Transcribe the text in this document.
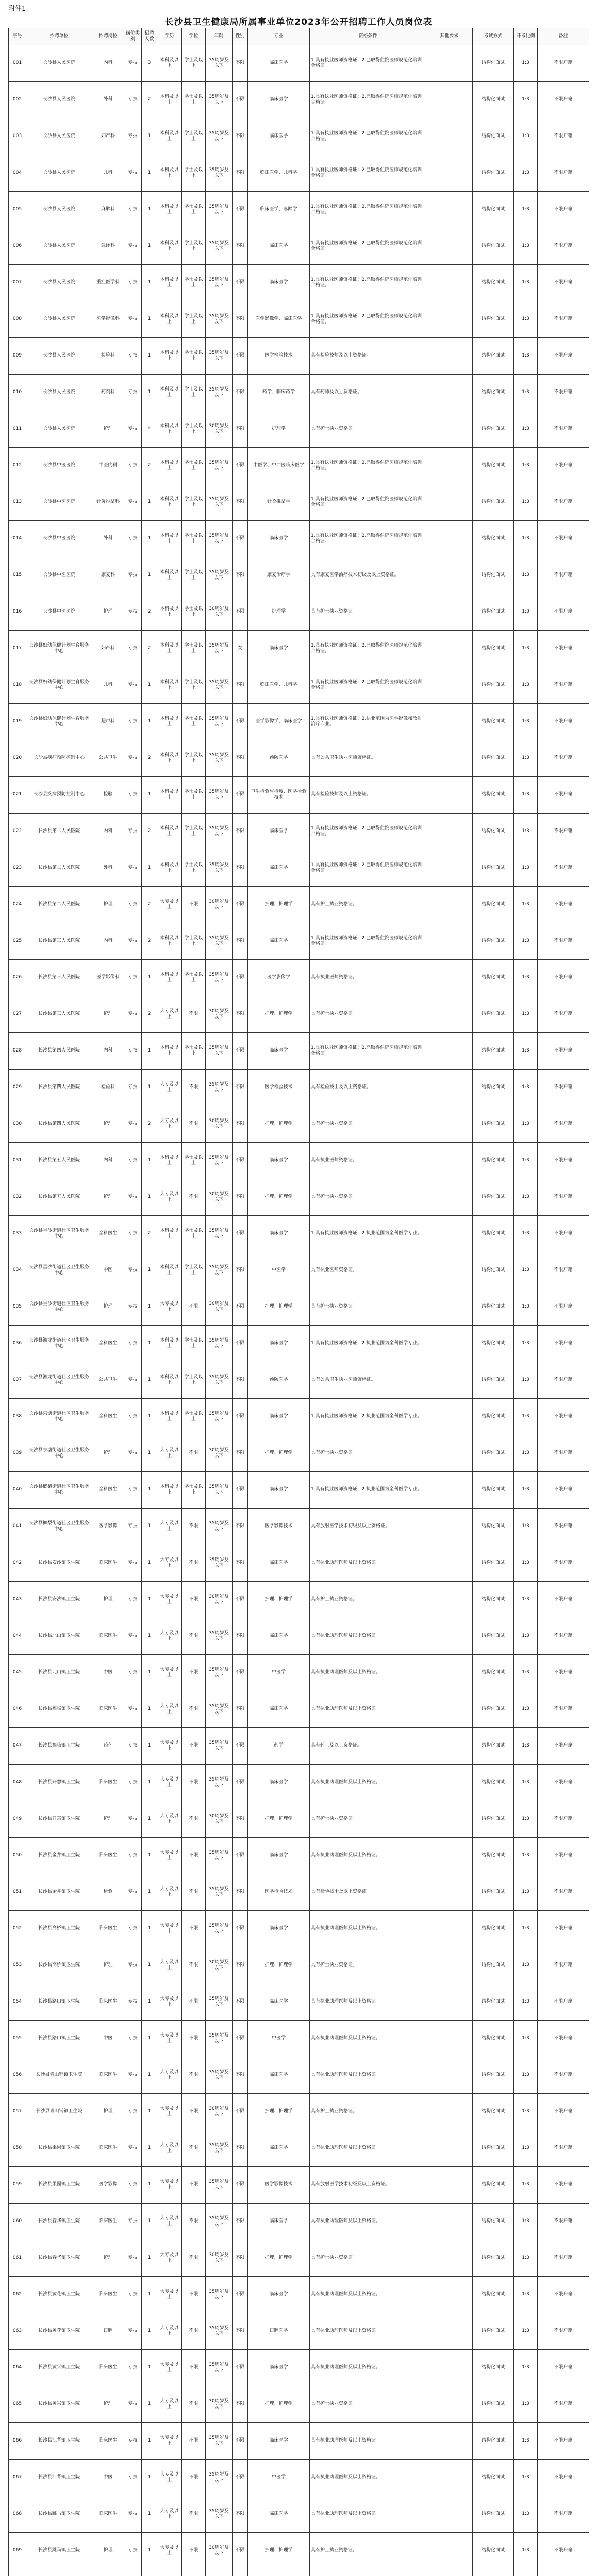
附件1
长沙县卫生健康局所属事业单位2023年公开招聘工作人员岗位表
序号	招聘单位	招聘岗位	岗位类别	招聘人数	学历	学位	年龄	性别	专业	资格条件	其他要求	考试方式	开考比例	备注
001	长沙县人民医院	内科	专技	3	本科及以上	学士及以上	35周岁及以下	不限	临床医学	1.具有执业医师资格证；2.已取得住院医师规范化培训合格证。		结构化面试	1:3	不限户籍
002	长沙县人民医院	外科	专技	2	本科及以上	学士及以上	35周岁及以下	不限	临床医学	1.具有执业医师资格证；2.已取得住院医师规范化培训合格证。		结构化面试	1:3	不限户籍
003	长沙县人民医院	妇产科	专技	1	本科及以上	学士及以上	35周岁及以下	不限	临床医学	1.具有执业医师资格证；2.已取得住院医师规范化培训合格证。		结构化面试	1:3	不限户籍
004	长沙县人民医院	儿科	专技	1	本科及以上	学士及以上	35周岁及以下	不限	临床医学、儿科学	1.具有执业医师资格证；2.已取得住院医师规范化培训合格证。		结构化面试	1:3	不限户籍
005	长沙县人民医院	麻醉科	专技	1	本科及以上	学士及以上	35周岁及以下	不限	临床医学、麻醉学	1.具有执业医师资格证；2.已取得住院医师规范化培训合格证。		结构化面试	1:3	不限户籍
006	长沙县人民医院	急诊科	专技	1	本科及以上	学士及以上	35周岁及以下	不限	临床医学	1.具有执业医师资格证；2.已取得住院医师规范化培训合格证。		结构化面试	1:3	不限户籍
007	长沙县人民医院	重症医学科	专技	1	本科及以上	学士及以上	35周岁及以下	不限	临床医学	1.具有执业医师资格证；2.已取得住院医师规范化培训合格证。		结构化面试	1:3	不限户籍
008	长沙县人民医院	医学影像科	专技	1	本科及以上	学士及以上	35周岁及以下	不限	医学影像学、临床医学	1.具有执业医师资格证；2.已取得住院医师规范化培训合格证。		结构化面试	1:3	不限户籍
009	长沙县人民医院	检验科	专技	1	本科及以上	学士及以上	35周岁及以下	不限	医学检验技术	具有检验技师及以上资格证。		结构化面试	1:3	不限户籍
010	长沙县人民医院	药剂科	专技	1	本科及以上	学士及以上	35周岁及以下	不限	药学、临床药学	具有药师及以上资格证。		结构化面试	1:3	不限户籍
011	长沙县人民医院	护理	专技	4	本科及以上	学士及以上	30周岁及以下	不限	护理学	具有护士执业资格证。		结构化面试	1:3	不限户籍
012	长沙县中医医院	中医内科	专技	2	本科及以上	学士及以上	35周岁及以下	不限	中医学、中西医临床医学	1.具有执业医师资格证；2.已取得住院医师规范化培训合格证。		结构化面试	1:3	不限户籍
013	长沙县中医医院	针灸推拿科	专技	1	本科及以上	学士及以上	35周岁及以下	不限	针灸推拿学	1.具有执业医师资格证；2.已取得住院医师规范化培训合格证。		结构化面试	1:3	不限户籍
014	长沙县中医医院	外科	专技	1	本科及以上	学士及以上	35周岁及以下	不限	临床医学	1.具有执业医师资格证；2.已取得住院医师规范化培训合格证。		结构化面试	1:3	不限户籍
015	长沙县中医医院	康复科	专技	1	本科及以上	学士及以上	35周岁及以下	不限	康复治疗学	具有康复医学治疗技术初级及以上资格证。		结构化面试	1:3	不限户籍
016	长沙县中医医院	护理	专技	2	本科及以上	学士及以上	30周岁及以下	不限	护理学	具有护士执业资格证。		结构化面试	1:3	不限户籍
017	长沙县妇幼保健计划生育服务中心	妇产科	专技	2	本科及以上	学士及以上	35周岁及以下	女	临床医学	1.具有执业医师资格证；2.已取得住院医师规范化培训合格证。		结构化面试	1:3	不限户籍
018	长沙县妇幼保健计划生育服务中心	儿科	专技	1	本科及以上	学士及以上	35周岁及以下	不限	临床医学、儿科学	1.具有执业医师资格证；2.已取得住院医师规范化培训合格证。		结构化面试	1:3	不限户籍
019	长沙县妇幼保健计划生育服务中心	超声科	专技	1	本科及以上	学士及以上	35周岁及以下	不限	医学影像学、临床医学	1.具有执业医师资格证；2.执业范围为医学影像和放射治疗专业。		结构化面试	1:3	不限户籍
020	长沙县疾病预防控制中心	公共卫生	专技	2	本科及以上	学士及以上	35周岁及以下	不限	预防医学	具有公共卫生执业医师资格证。		结构化面试	1:3	不限户籍
021	长沙县疾病预防控制中心	检验	专技	1	本科及以上	学士及以上	35周岁及以下	不限	卫生检验与检疫、医学检验技术	具有检验技师及以上资格证。		结构化面试	1:3	不限户籍
022	长沙县第二人民医院	内科	专技	2	本科及以上	学士及以上	35周岁及以下	不限	临床医学	1.具有执业医师资格证；2.已取得住院医师规范化培训合格证。		结构化面试	1:3	不限户籍
023	长沙县第二人民医院	外科	专技	1	本科及以上	学士及以上	35周岁及以下	不限	临床医学	1.具有执业医师资格证；2.已取得住院医师规范化培训合格证。		结构化面试	1:3	不限户籍
024	长沙县第二人民医院	护理	专技	2	大专及以上	不限	30周岁及以下	不限	护理、护理学	具有护士执业资格证。		结构化面试	1:3	不限户籍
025	长沙县第三人民医院	内科	专技	2	本科及以上	学士及以上	35周岁及以下	不限	临床医学	1.具有执业医师资格证；2.已取得住院医师规范化培训合格证。		结构化面试	1:3	不限户籍
026	长沙县第三人民医院	医学影像科	专技	1	本科及以上	学士及以上	35周岁及以下	不限	医学影像学	具有执业医师资格证。		结构化面试	1:3	不限户籍
027	长沙县第三人民医院	护理	专技	2	大专及以上	不限	30周岁及以下	不限	护理、护理学	具有护士执业资格证。		结构化面试	1:3	不限户籍
028	长沙县第四人民医院	内科	专技	1	本科及以上	学士及以上	35周岁及以下	不限	临床医学	1.具有执业医师资格证；2.已取得住院医师规范化培训合格证。		结构化面试	1:3	不限户籍
029	长沙县第四人民医院	检验科	专技	1	大专及以上	不限	35周岁及以下	不限	医学检验技术	具有检验技士及以上资格证。		结构化面试	1:3	不限户籍
030	长沙县第四人民医院	护理	专技	2	大专及以上	不限	30周岁及以下	不限	护理、护理学	具有护士执业资格证。		结构化面试	1:3	不限户籍
031	长沙县第五人民医院	内科	专技	1	本科及以上	学士及以上	35周岁及以下	不限	临床医学	具有执业医师资格证。		结构化面试	1:3	不限户籍
032	长沙县第五人民医院	护理	专技	1	大专及以上	不限	30周岁及以下	不限	护理、护理学	具有护士执业资格证。		结构化面试	1:3	不限户籍
033	长沙县星沙街道社区卫生服务中心	全科医生	专技	2	本科及以上	学士及以上	35周岁及以下	不限	临床医学	1.具有执业医师资格证；2.执业范围为全科医学专业。		结构化面试	1:3	不限户籍
034	长沙县星沙街道社区卫生服务中心	中医	专技	1	本科及以上	学士及以上	35周岁及以下	不限	中医学	具有执业医师资格证。		结构化面试	1:3	不限户籍
035	长沙县星沙街道社区卫生服务中心	护理	专技	1	大专及以上	不限	30周岁及以下	不限	护理、护理学	具有护士执业资格证。		结构化面试	1:3	不限户籍
036	长沙县湘龙街道社区卫生服务中心	全科医生	专技	1	本科及以上	学士及以上	35周岁及以下	不限	临床医学	1.具有执业医师资格证；2.执业范围为全科医学专业。		结构化面试	1:3	不限户籍
037	长沙县湘龙街道社区卫生服务中心	公共卫生	专技	1	本科及以上	学士及以上	35周岁及以下	不限	预防医学	具有公共卫生执业医师资格证。		结构化面试	1:3	不限户籍
038	长沙县泉塘街道社区卫生服务中心	全科医生	专技	1	本科及以上	学士及以上	35周岁及以下	不限	临床医学	1.具有执业医师资格证；2.执业范围为全科医学专业。		结构化面试	1:3	不限户籍
039	长沙县泉塘街道社区卫生服务中心	护理	专技	1	大专及以上	不限	30周岁及以下	不限	护理、护理学	具有护士执业资格证。		结构化面试	1:3	不限户籍
040	长沙县榔梨街道社区卫生服务中心	全科医生	专技	1	本科及以上	学士及以上	35周岁及以下	不限	临床医学	1.具有执业医师资格证；2.执业范围为全科医学专业。		结构化面试	1:3	不限户籍
041	长沙县榔梨街道社区卫生服务中心	医学影像	专技	1	大专及以上	不限	35周岁及以下	不限	医学影像技术	具有放射医学技术初级及以上资格证。		结构化面试	1:3	不限户籍
042	长沙县安沙镇卫生院	临床医生	专技	1	大专及以上	不限	35周岁及以下	不限	临床医学	具有执业助理医师及以上资格证。		结构化面试	1:3	不限户籍
043	长沙县安沙镇卫生院	护理	专技	1	大专及以上	不限	30周岁及以下	不限	护理、护理学	具有护士执业资格证。		结构化面试	1:3	不限户籍
044	长沙县北山镇卫生院	临床医生	专技	1	大专及以上	不限	35周岁及以下	不限	临床医学	具有执业助理医师及以上资格证。		结构化面试	1:3	不限户籍
045	长沙县北山镇卫生院	中医	专技	1	大专及以上	不限	35周岁及以下	不限	中医学	具有执业助理医师及以上资格证。		结构化面试	1:3	不限户籍
046	长沙县福临镇卫生院	临床医生	专技	1	大专及以上	不限	35周岁及以下	不限	临床医学	具有执业助理医师及以上资格证。		结构化面试	1:3	不限户籍
047	长沙县福临镇卫生院	药剂	专技	1	大专及以上	不限	35周岁及以下	不限	药学	具有药士及以上资格证。		结构化面试	1:3	不限户籍
048	长沙县开慧镇卫生院	临床医生	专技	1	大专及以上	不限	35周岁及以下	不限	临床医学	具有执业助理医师及以上资格证。		结构化面试	1:3	不限户籍
049	长沙县开慧镇卫生院	护理	专技	1	大专及以上	不限	30周岁及以下	不限	护理、护理学	具有护士执业资格证。		结构化面试	1:3	不限户籍
050	长沙县金井镇卫生院	临床医生	专技	1	大专及以上	不限	35周岁及以下	不限	临床医学	具有执业助理医师及以上资格证。		结构化面试	1:3	不限户籍
051	长沙县金井镇卫生院	检验	专技	1	大专及以上	不限	35周岁及以下	不限	医学检验技术	具有检验技士及以上资格证。		结构化面试	1:3	不限户籍
052	长沙县高桥镇卫生院	临床医生	专技	1	大专及以上	不限	35周岁及以下	不限	临床医学	具有执业助理医师及以上资格证。		结构化面试	1:3	不限户籍
053	长沙县高桥镇卫生院	护理	专技	1	大专及以上	不限	30周岁及以下	不限	护理、护理学	具有护士执业资格证。		结构化面试	1:3	不限户籍
054	长沙县路口镇卫生院	临床医生	专技	1	大专及以上	不限	35周岁及以下	不限	临床医学	具有执业助理医师及以上资格证。		结构化面试	1:3	不限户籍
055	长沙县路口镇卫生院	中医	专技	1	大专及以上	不限	35周岁及以下	不限	中医学	具有执业助理医师及以上资格证。		结构化面试	1:3	不限户籍
056	长沙县青山铺镇卫生院	临床医生	专技	1	大专及以上	不限	35周岁及以下	不限	临床医学	具有执业助理医师及以上资格证。		结构化面试	1:3	不限户籍
057	长沙县青山铺镇卫生院	护理	专技	1	大专及以上	不限	30周岁及以下	不限	护理、护理学	具有护士执业资格证。		结构化面试	1:3	不限户籍
058	长沙县果园镇卫生院	临床医生	专技	1	大专及以上	不限	35周岁及以下	不限	临床医学	具有执业助理医师及以上资格证。		结构化面试	1:3	不限户籍
059	长沙县果园镇卫生院	医学影像	专技	1	大专及以上	不限	35周岁及以下	不限	医学影像技术	具有放射医学技术初级及以上资格证。		结构化面试	1:3	不限户籍
060	长沙县春华镇卫生院	临床医生	专技	1	大专及以上	不限	35周岁及以下	不限	临床医学	具有执业助理医师及以上资格证。		结构化面试	1:3	不限户籍
061	长沙县春华镇卫生院	护理	专技	1	大专及以上	不限	30周岁及以下	不限	护理、护理学	具有护士执业资格证。		结构化面试	1:3	不限户籍
062	长沙县黄花镇卫生院	临床医生	专技	1	大专及以上	不限	35周岁及以下	不限	临床医学	具有执业助理医师及以上资格证。		结构化面试	1:3	不限户籍
063	长沙县黄花镇卫生院	口腔	专技	1	大专及以上	不限	35周岁及以下	不限	口腔医学	具有执业助理医师及以上资格证。		结构化面试	1:3	不限户籍
064	长沙县黄兴镇卫生院	临床医生	专技	1	大专及以上	不限	35周岁及以下	不限	临床医学	具有执业助理医师及以上资格证。		结构化面试	1:3	不限户籍
065	长沙县黄兴镇卫生院	护理	专技	1	大专及以上	不限	30周岁及以下	不限	护理、护理学	具有护士执业资格证。		结构化面试	1:3	不限户籍
066	长沙县江背镇卫生院	临床医生	专技	1	大专及以上	不限	35周岁及以下	不限	临床医学	具有执业助理医师及以上资格证。		结构化面试	1:3	不限户籍
067	长沙县江背镇卫生院	中医	专技	1	大专及以上	不限	35周岁及以下	不限	中医学	具有执业助理医师及以上资格证。		结构化面试	1:3	不限户籍
068	长沙县跳马镇卫生院	临床医生	专技	1	大专及以上	不限	35周岁及以下	不限	临床医学	具有执业助理医师及以上资格证。		结构化面试	1:3	不限户籍
069	长沙县跳马镇卫生院	护理	专技	1	大专及以上	不限	30周岁及以下	不限	护理、护理学	具有护士执业资格证。		结构化面试	1:3	不限户籍
